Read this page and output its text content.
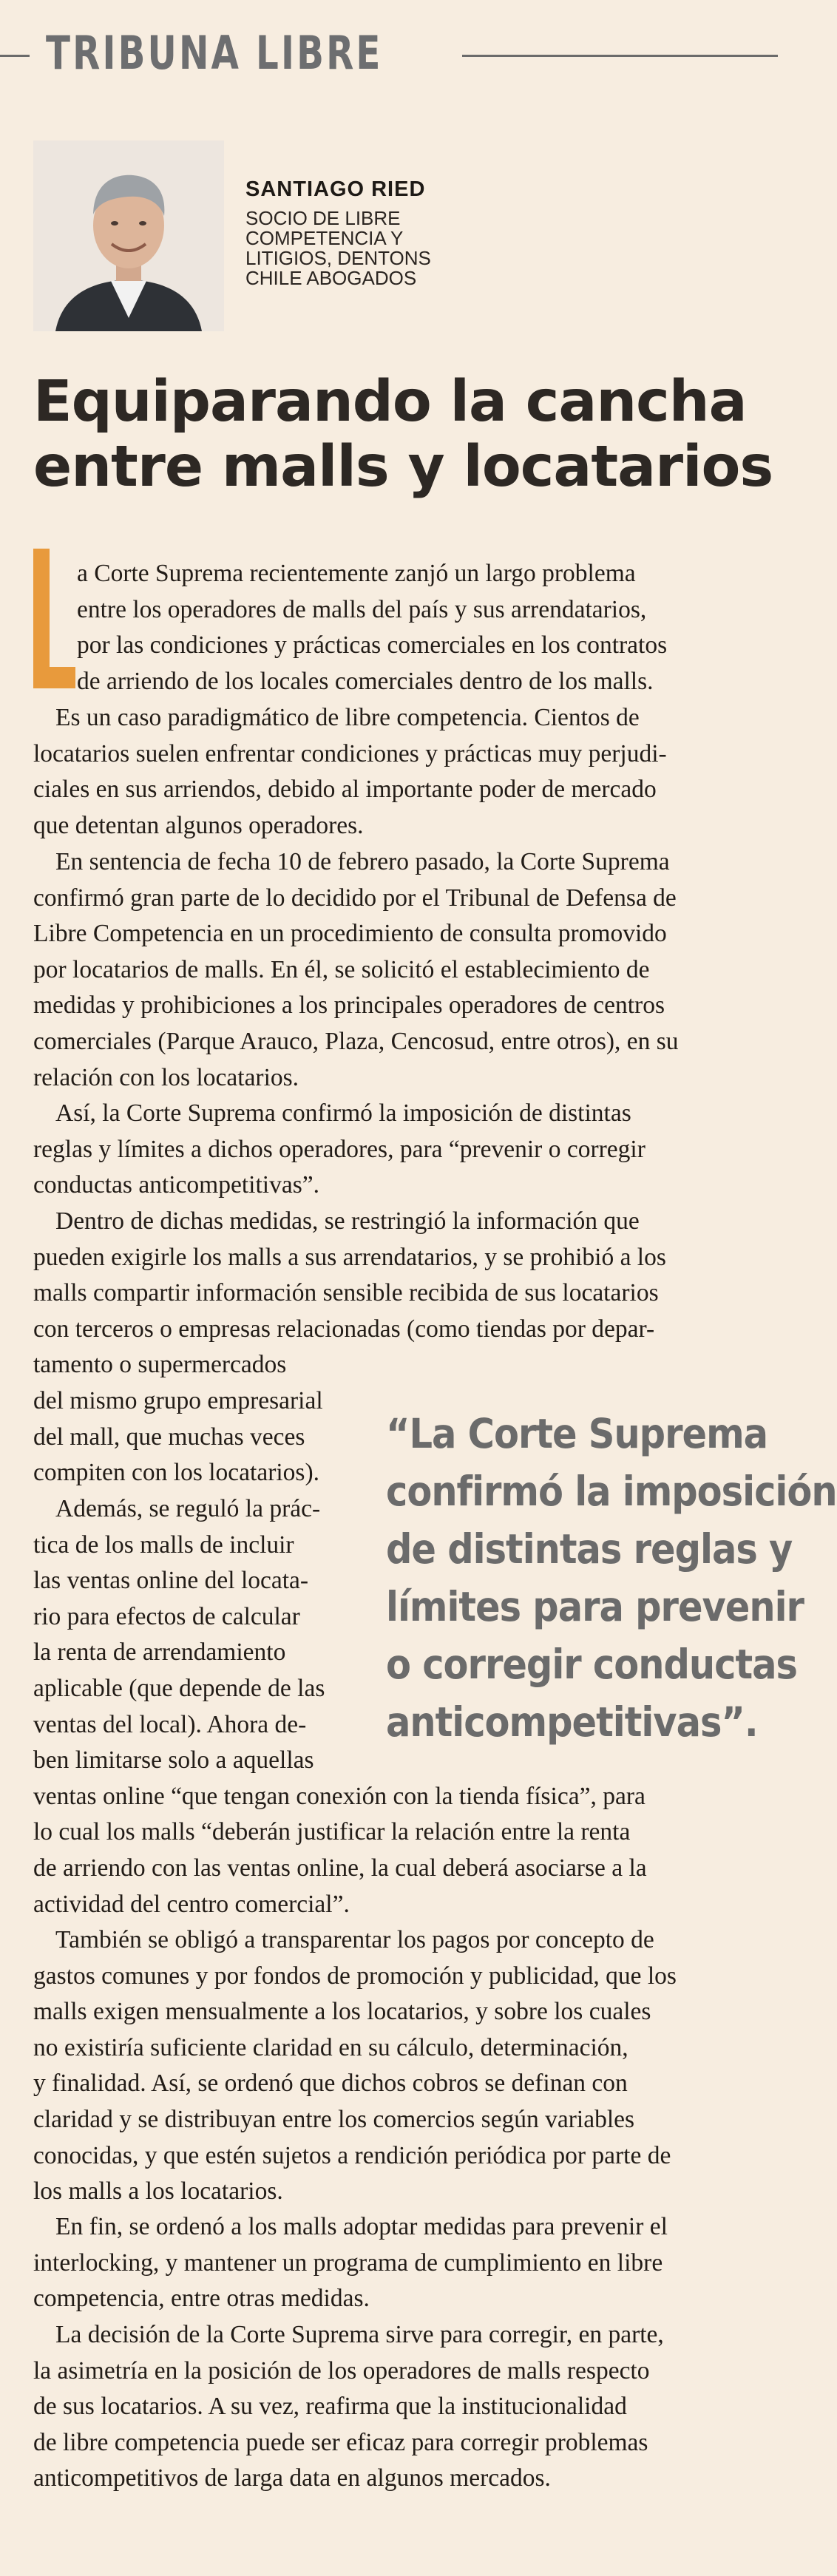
TRIBUNA LIBRE
SANTIAGO RIED
SOCIO DE LIBRE
COMPETENCIA Y
LITIGIOS, DENTONS
CHILE ABOGADOS
Equiparando la cancha
entre malls y locatarios

a Corte Suprema recientemente zanjó un largo problema
entre los operadores de malls del país y sus arrendatarios,
por las condiciones y prácticas comerciales en los contratos
de arriendo de los locales comerciales dentro de los malls.

Es un caso paradigmático de libre competencia. Cientos de
locatarios suelen enfrentar condiciones y prácticas muy perjudi-
ciales en sus arriendos, debido al importante poder de mercado
que detentan algunos operadores.

En sentencia de fecha 10 de febrero pasado, la Corte Suprema
confirmó gran parte de lo decidido por el Tribunal de Defensa de
Libre Competencia en un procedimiento de consulta promovido
por locatarios de malls. En él, se solicitó el establecimiento de
medidas y prohibiciones a los principales operadores de centros
comerciales (Parque Arauco, Plaza, Cencosud, entre otros), en su
relación con los locatarios.

Así, la Corte Suprema confirmó la imposición de distintas
reglas y límites a dichos operadores, para “prevenir o corregir
conductas anticompetitivas”.

Dentro de dichas medidas, se restringió la información que
pueden exigirle los malls a sus arrendatarios, y se prohibió a los
malls compartir información sensible recibida de sus locatarios
con terceros o empresas relacionadas (como tiendas por depar-
tamento o supermercados
del mismo grupo empresarial
del mall, que muchas veces
compiten con los locatarios).

Además, se reguló la prác-
tica de los malls de incluir
las ventas online del locata-
rio para efectos de calcular
la renta de arrendamiento
aplicable (que depende de las
ventas del local). Ahora de-
ben limitarse solo a aquellas
ventas online “que tengan conexión con la tienda física”, para
lo cual los malls “deberán justificar la relación entre la renta
de arriendo con las ventas online, la cual deberá asociarse a la
actividad del centro comercial”.

También se obligó a transparentar los pagos por concepto de
gastos comunes y por fondos de promoción y publicidad, que los
malls exigen mensualmente a los locatarios, y sobre los cuales
no existiría suficiente claridad en su cálculo, determinación,
y finalidad. Así, se ordenó que dichos cobros se definan con
claridad y se distribuyan entre los comercios según variables
conocidas, y que estén sujetos a rendición periódica por parte de
los malls a los locatarios.

En fin, se ordenó a los malls adoptar medidas para prevenir el
interlocking, y mantener un programa de cumplimiento en libre
competencia, entre otras medidas.

La decisión de la Corte Suprema sirve para corregir, en parte,
la asimetría en la posición de los operadores de malls respecto
de sus locatarios. A su vez, reafirma que la institucionalidad
de libre competencia puede ser eficaz para corregir problemas
anticompetitivos de larga data en algunos mercados.

“La Corte Suprema
confirmó la imposición
de distintas reglas y
límites para prevenir
o corregir conductas
anticompetitivas”.
